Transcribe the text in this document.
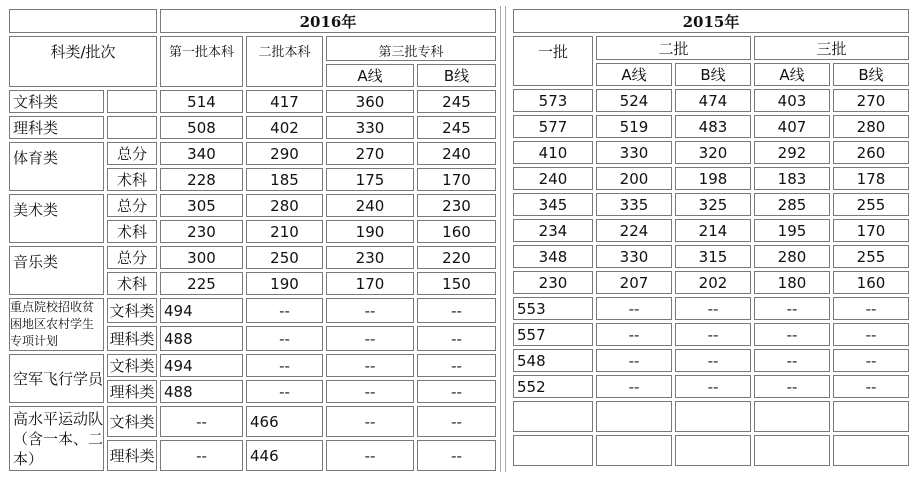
		2016年			
科类/批次		第一批本科	二批本科	第三批专科	
				A线	B线
文科类		514	417	360	245
理科类		508	402	330	245
体育类	总分	340	290	270	240
	术科	228	185	175	170
美术类	总分	305	280	240	230
	术科	230	210	190	160
音乐类	总分	300	250	230	220
	术科	225	190	170	150
重点院校招收贫困地区农村学生专项计划	文科类	494	--	--	--
	理科类	488	--	--	--
空军飞行学员	文科类	494	--	--	--
	理科类	488	--	--	--
高水平运动队（含一本、二本）	文科类	--	466	--	--
	理科类	--	446	--	--
2015年				
一批	二批		三批	
	A线	B线	A线	B线
573	524	474	403	270
577	519	483	407	280
410	330	320	292	260
240	200	198	183	178
345	335	325	285	255
234	224	214	195	170
348	330	315	280	255
230	207	202	180	160
553	--	--	--	--
557	--	--	--	--
548	--	--	--	--
552	--	--	--	--
